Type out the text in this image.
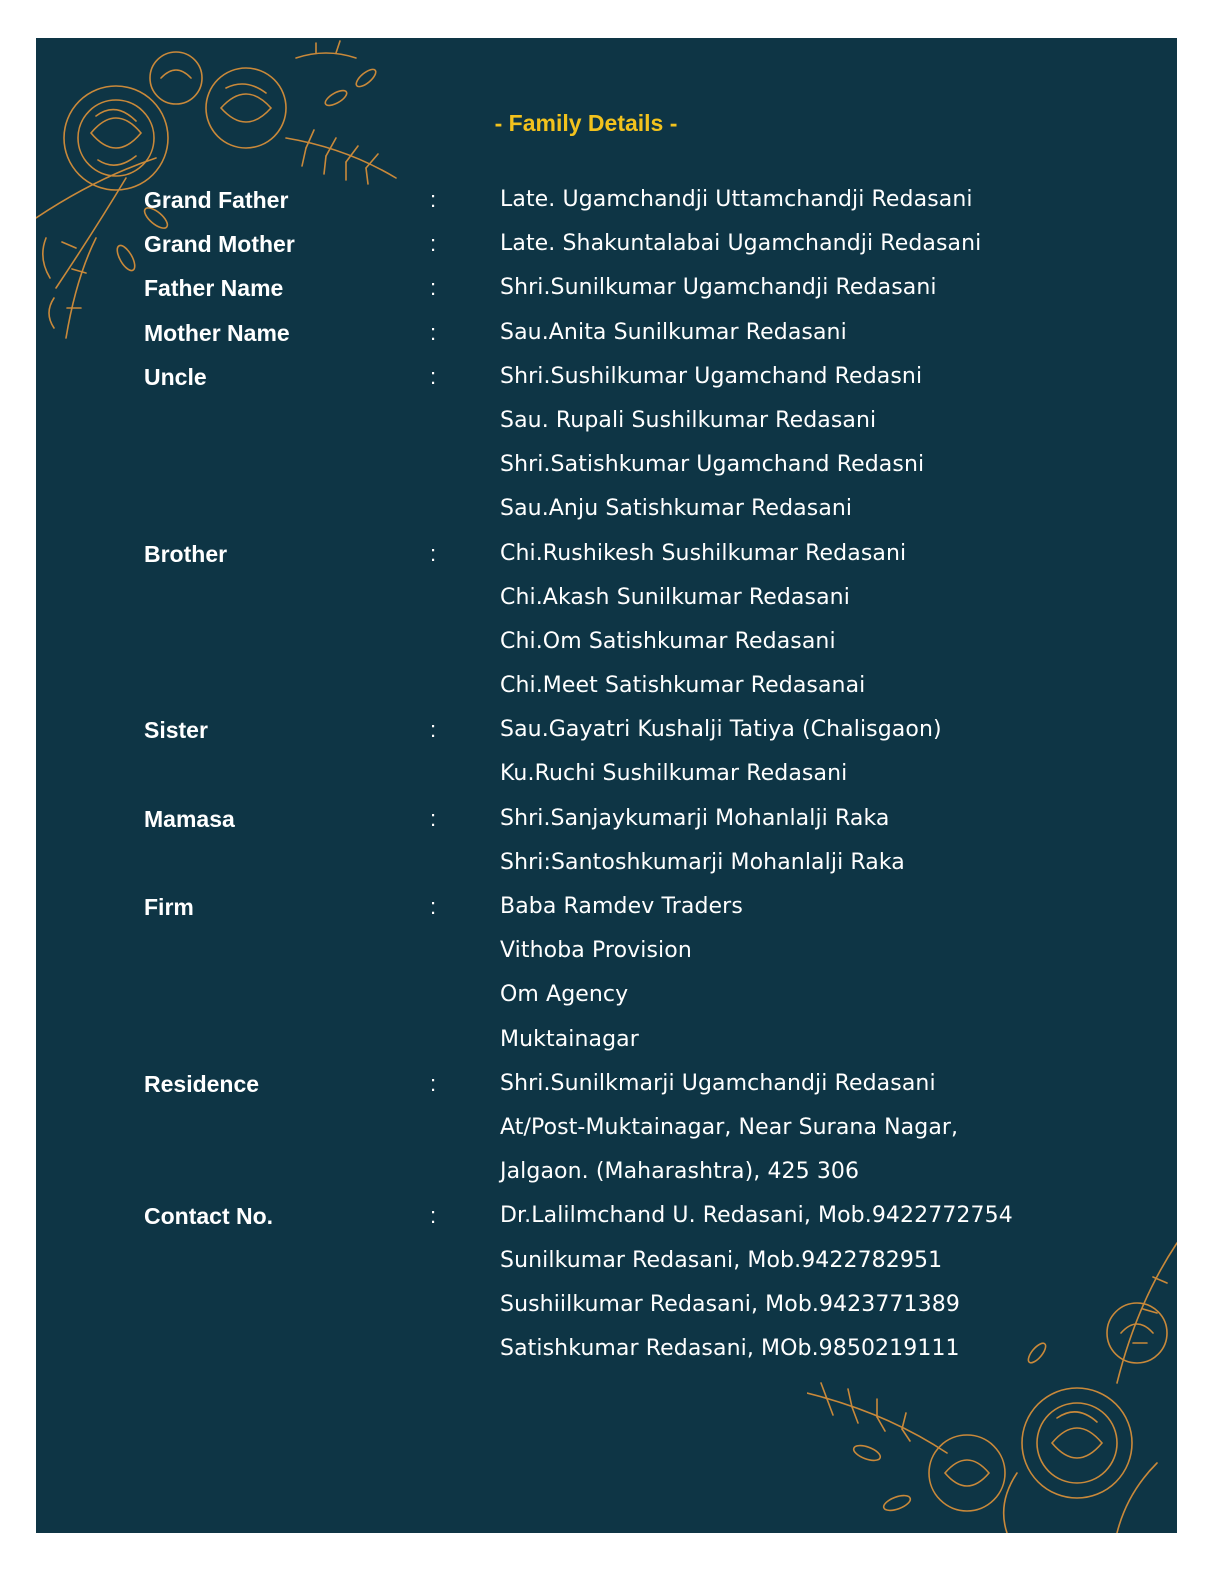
- Family Details -
Grand Father	:	Late. Ugamchandji Uttamchandji Redasani
Grand Mother	:	Late. Shakuntalabai Ugamchandji Redasani
Father Name	:	Shri.Sunilkumar Ugamchandji Redasani
Mother Name	:	Sau.Anita Sunilkumar Redasani
Uncle	:	Shri.Sushilkumar Ugamchand Redasni
Sau. Rupali Sushilkumar Redasani
Shri.Satishkumar Ugamchand Redasni
Sau.Anju Satishkumar Redasani
Brother	:	Chi.Rushikesh Sushilkumar Redasani
Chi.Akash Sunilkumar Redasani
Chi.Om Satishkumar Redasani
Chi.Meet Satishkumar Redasanai
Sister	:	Sau.Gayatri Kushalji Tatiya (Chalisgaon)
Ku.Ruchi Sushilkumar Redasani
Mamasa	:	Shri.Sanjaykumarji Mohanlalji Raka
Shri:Santoshkumarji Mohanlalji Raka
Firm	:	Baba Ramdev Traders
Vithoba Provision
Om Agency
Muktainagar
Residence	:	Shri.Sunilkmarji Ugamchandji Redasani
At/Post-Muktainagar, Near Surana Nagar,
Jalgaon. (Maharashtra), 425 306
Contact No.	:	Dr.Lalilmchand U. Redasani, Mob.9422772754
Sunilkumar Redasani, Mob.9422782951
Sushiilkumar Redasani, Mob.9423771389
Satishkumar Redasani, MOb.9850219111
